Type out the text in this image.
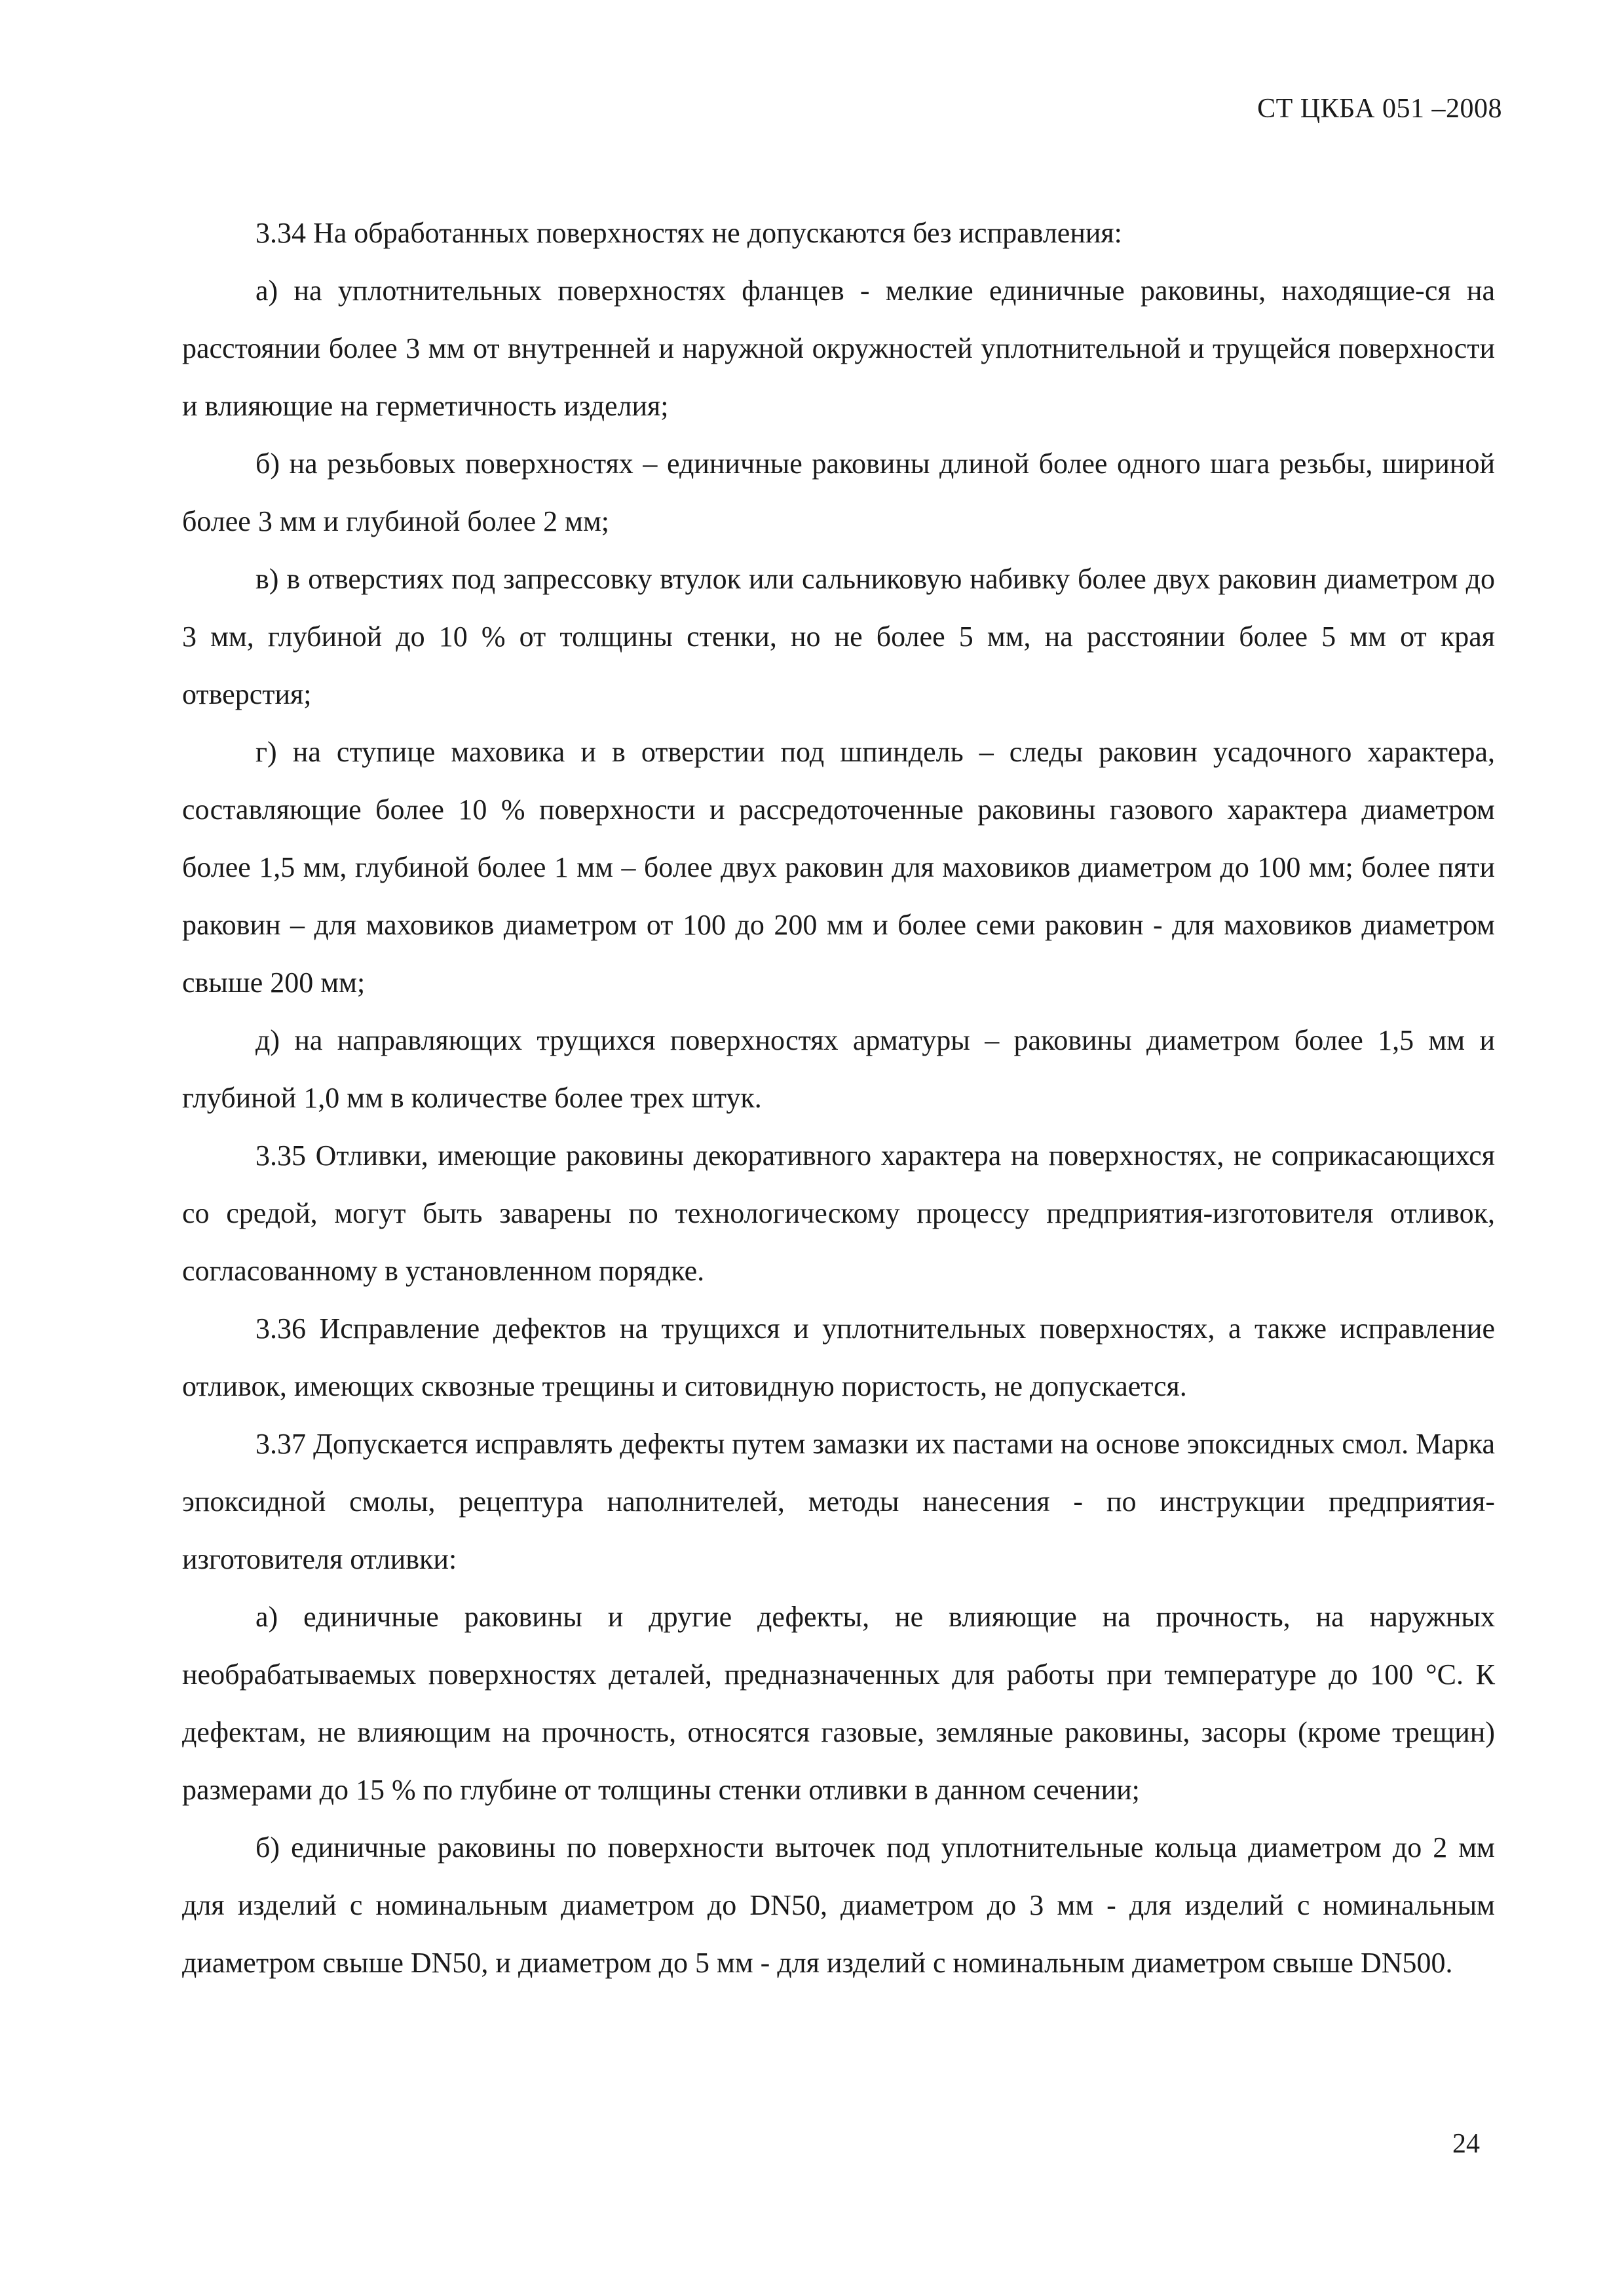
СТ ЦКБА 051 –2008

3.34 На обработанных поверхностях не допускаются без исправления:

а) на уплотнительных поверхностях фланцев - мелкие единичные раковины, находящие-ся на расстоянии более 3 мм от внутренней и наружной окружностей уплотнительной и трущейся поверхности и влияющие на герметичность изделия;

б) на резьбовых поверхностях – единичные раковины длиной более одного шага резьбы, шириной более 3 мм и глубиной более 2 мм;

в) в отверстиях под запрессовку втулок или сальниковую набивку более двух раковин диаметром до 3 мм, глубиной до 10 % от толщины стенки, но не более 5 мм, на расстоянии более 5 мм от края отверстия;

г) на ступице маховика и в отверстии под шпиндель – следы раковин усадочного характера, составляющие более 10 % поверхности и рассредоточенные раковины газового характера диаметром более 1,5 мм, глубиной более 1 мм – более двух раковин для маховиков диаметром до 100 мм; более пяти раковин – для маховиков диаметром от 100 до 200 мм и более семи раковин - для маховиков диаметром свыше 200 мм;

д) на направляющих трущихся поверхностях арматуры – раковины диаметром более 1,5 мм и глубиной 1,0 мм в количестве более трех штук.

3.35 Отливки, имеющие раковины декоративного характера на поверхностях, не соприкасающихся со средой, могут быть заварены по технологическому процессу предприятия-изготовителя отливок, согласованному в установленном порядке.

3.36 Исправление дефектов на трущихся и уплотнительных поверхностях, а также исправление отливок, имеющих сквозные трещины и ситовидную пористость, не допускается.

3.37 Допускается исправлять дефекты путем замазки их пастами на основе эпоксидных смол. Марка эпоксидной смолы, рецептура наполнителей, методы нанесения - по инструкции предприятия-изготовителя отливки:

а) единичные раковины и другие дефекты, не влияющие на прочность, на наружных необрабатываемых поверхностях деталей, предназначенных для работы при температуре до 100 °С. К дефектам, не влияющим на прочность, относятся газовые, земляные раковины, засоры (кроме трещин) размерами до 15 % по глубине от толщины стенки отливки в данном сечении;

б) единичные раковины по поверхности выточек под уплотнительные кольца диаметром до 2 мм для изделий с номинальным диаметром до DN50, диаметром до 3 мм - для изделий с номинальным диаметром свыше DN50, и диаметром до 5 мм - для изделий с номинальным диаметром свыше DN500.

24
